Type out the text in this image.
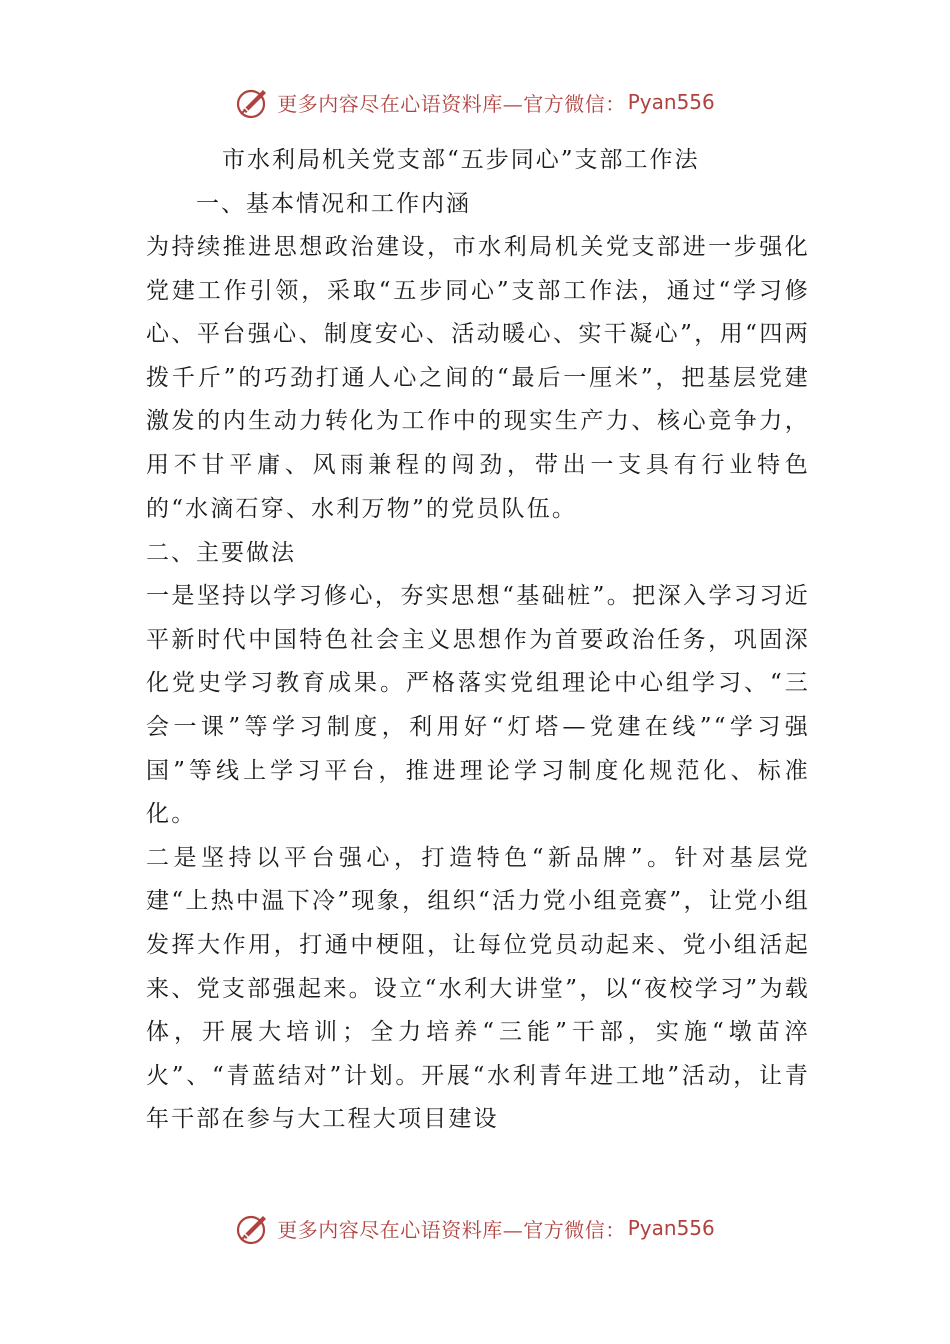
更多内容尽在心语资料库—官方微信： Pyan556
市水利局机关党支部“五步同心”支部工作法
一、基本情况和工作内涵

为持续推进思想政治建设，市水利局机关党支部进一步强化党建工作引领，采取“五步同心”支部工作法，通过“学习修心、平台强心、制度安心、活动暖心、实干凝心”，用“四两拨千斤”的巧劲打通人心之间的“最后一厘米”，把基层党建激发的内生动力转化为工作中的现实生产力、核心竞争力，用不甘平庸、风雨兼程的闯劲，带出一支具有行业特色的“水滴石穿、水利万物”的党员队伍。

二、主要做法

一是坚持以学习修心，夯实思想“基础桩”。把深入学习习近平新时代中国特色社会主义思想作为首要政治任务，巩固深化党史学习教育成果。严格落实党组理论中心组学习、“三会一课”等学习制度，利用好“灯塔—党建在线”“学习强国”等线上学习平台，推进理论学习制度化规范化、标准化。

二是坚持以平台强心，打造特色“新品牌”。针对基层党建“上热中温下冷”现象，组织“活力党小组竞赛”，让党小组发挥大作用，打通中梗阻，让每位党员动起来、党小组活起来、党支部强起来。设立“水利大讲堂”，以“夜校学习”为载体，开展大培训；全力培养“三能”干部，实施“墩苗淬火”、“青蓝结对”计划。开展“水利青年进工地”活动，让青年干部在参与大工程大项目建设

更多内容尽在心语资料库—官方微信： Pyan556
